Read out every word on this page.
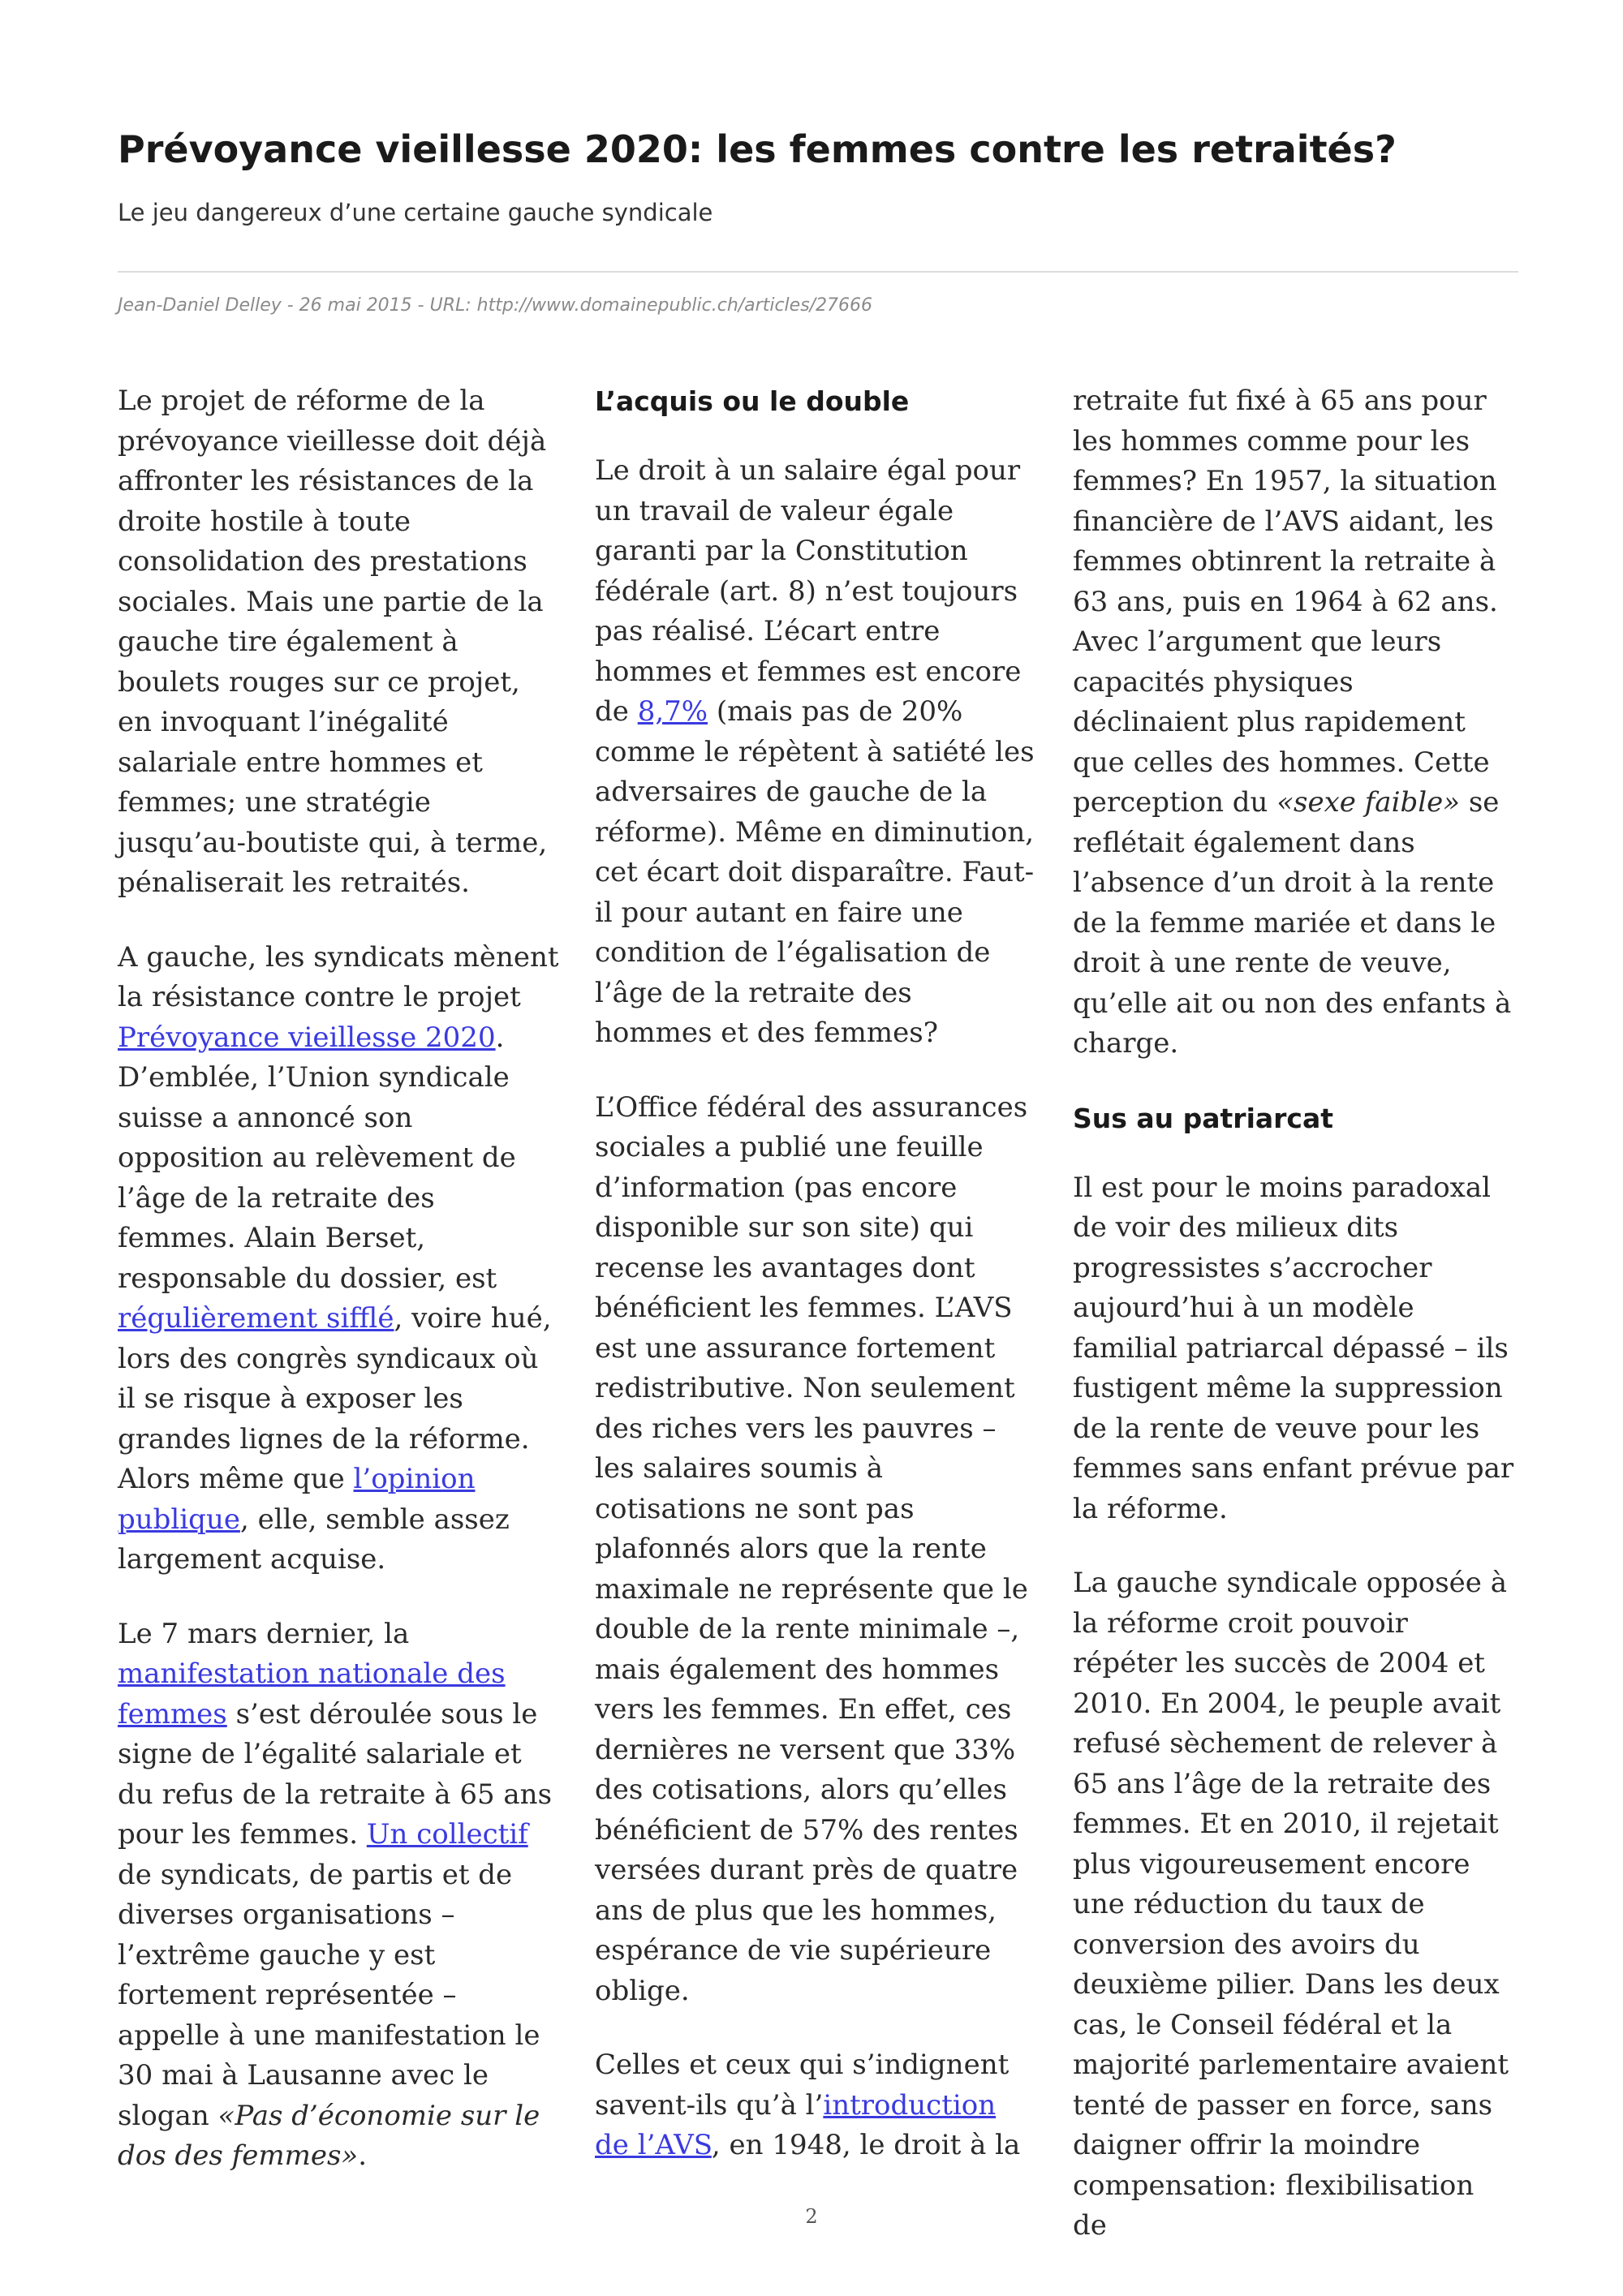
Prévoyance vieillesse 2020: les femmes contre les retraités?

Le jeu dangereux d’une certaine gauche syndicale

Jean-Daniel Delley - 26 mai 2015 - URL: http://www.domainepublic.ch/articles/27666

Le projet de réforme de la prévoyance vieillesse doit déjà affronter les résistances de la droite hostile à toute consolidation des prestations sociales. Mais une partie de la gauche tire également à boulets rouges sur ce projet, en invoquant l’inégalité salariale entre hommes et femmes; une stratégie jusqu’au-boutiste qui, à terme, pénaliserait les retraités.

A gauche, les syndicats mènent la résistance contre le projet Prévoyance vieillesse 2020. D’emblée, l’Union syndicale suisse a annoncé son opposition au relèvement de l’âge de la retraite des femmes. Alain Berset, responsable du dossier, est régulièrement sifflé, voire hué, lors des congrès syndicaux où il se risque à exposer les grandes lignes de la réforme. Alors même que l’opinion publique, elle, semble assez largement acquise.

Le 7 mars dernier, la manifestation nationale des femmes s’est déroulée sous le signe de l’égalité salariale et du refus de la retraite à 65 ans pour les femmes. Un collectif de syndicats, de partis et de diverses organisations – l’extrême gauche y est fortement représentée – appelle à une manifestation le 30 mai à Lausanne avec le slogan «Pas d’économie sur le dos des femmes».

L’acquis ou le double

Le droit à un salaire égal pour un travail de valeur égale garanti par la Constitution fédérale (art. 8) n’est toujours pas réalisé. L’écart entre hommes et femmes est encore de 8,7% (mais pas de 20% comme le répètent à satiété les adversaires de gauche de la réforme). Même en diminution, cet écart doit disparaître. Faut-il pour autant en faire une condition de l’égalisation de l’âge de la retraite des hommes et des femmes?

L’Office fédéral des assurances sociales a publié une feuille d’information (pas encore disponible sur son site) qui recense les avantages dont bénéficient les femmes. L’AVS est une assurance fortement redistributive. Non seulement des riches vers les pauvres – les salaires soumis à cotisations ne sont pas plafonnés alors que la rente maximale ne représente que le double de la rente minimale –, mais également des hommes vers les femmes. En effet, ces dernières ne versent que 33% des cotisations, alors qu’elles bénéficient de 57% des rentes versées durant près de quatre ans de plus que les hommes, espérance de vie supérieure oblige.

Celles et ceux qui s’indignent savent-ils qu’à l’introduction de l’AVS, en 1948, le droit à la

retraite fut fixé à 65 ans pour les hommes comme pour les femmes? En 1957, la situation financière de l’AVS aidant, les femmes obtinrent la retraite à 63 ans, puis en 1964 à 62 ans. Avec l’argument que leurs capacités physiques déclinaient plus rapidement que celles des hommes. Cette perception du «sexe faible» se reflétait également dans l’absence d’un droit à la rente de la femme mariée et dans le droit à une rente de veuve, qu’elle ait ou non des enfants à charge.

Sus au patriarcat

Il est pour le moins paradoxal de voir des milieux dits progressistes s’accrocher aujourd’hui à un modèle familial patriarcal dépassé – ils fustigent même la suppression de la rente de veuve pour les femmes sans enfant prévue par la réforme.

La gauche syndicale opposée à la réforme croit pouvoir répéter les succès de 2004 et 2010. En 2004, le peuple avait refusé sèchement de relever à 65 ans l’âge de la retraite des femmes. Et en 2010, il rejetait plus vigoureusement encore une réduction du taux de conversion des avoirs du deuxième pilier. Dans les deux cas, le Conseil fédéral et la majorité parlementaire avaient tenté de passer en force, sans daigner offrir la moindre compensation: flexibilisation de

2
